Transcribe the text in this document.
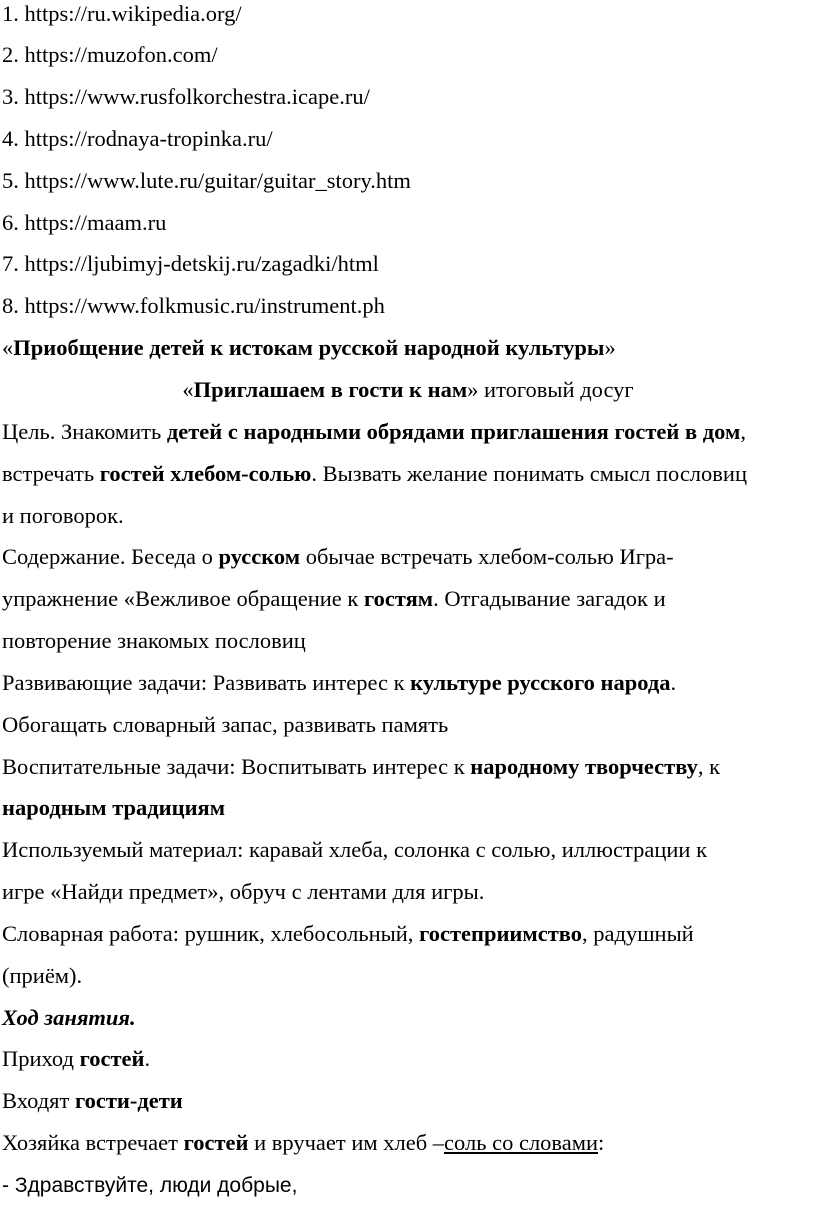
1. https://ru.wikipedia.org/
2. https://muzofon.com/
3. https://www.rusfolkorchestra.icape.ru/
4. https://rodnaya-tropinka.ru/
5. https://www.lute.ru/guitar/guitar_story.htm
6. https://maam.ru
7. https://ljubimyj-detskij.ru/zagadki/html
8. https://www.folkmusic.ru/instrument.ph
«Приобщение детей к истокам русской народной культуры»
«Приглашаем в гости к нам» итоговый досуг
Цель. Знакомить детей с народными обрядами приглашения гостей в дом,
встречать гостей хлебом-солью. Вызвать желание понимать смысл пословиц
и поговорок.
Содержание. Беседа о русском обычае встречать хлебом-солью Игра-
упражнение «Вежливое обращение к гостям. Отгадывание загадок и
повторение знакомых пословиц
Развивающие задачи: Развивать интерес к культуре русского народа.
Обогащать словарный запас, развивать память
Воспитательные задачи: Воспитывать интерес к народному творчеству, к
народным традициям
Используемый материал: каравай хлеба, солонка с солью, иллюстрации к
игре «Найди предмет», обруч с лентами для игры.
Словарная работа: рушник, хлебосольный, гостеприимство, радушный
(приём).
Ход занятия.
Приход гостей.
Входят гости-дети
Хозяйка встречает гостей и вручает им хлеб –соль со словами:
- Здравствуйте, люди добрые,
